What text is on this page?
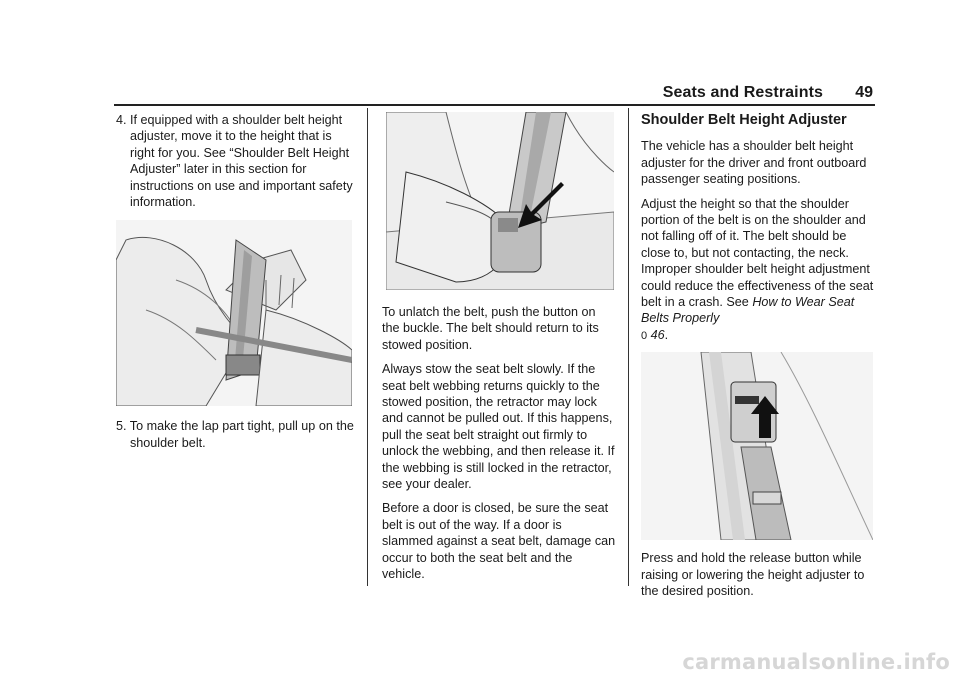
Seats and Restraints 49

4. If equipped with a shoulder belt height adjuster, move it to the height that is right for you. See “Shoulder Belt Height Adjuster” later in this section for instructions on use and important safety information.

5. To make the lap part tight, pull up on the shoulder belt.

To unlatch the belt, push the button on the buckle. The belt should return to its stowed position.

Always stow the seat belt slowly. If the seat belt webbing returns quickly to the stowed position, the retractor may lock and cannot be pulled out. If this happens, pull the seat belt straight out firmly to unlock the webbing, and then release it. If the webbing is still locked in the retractor, see your dealer.

Before a door is closed, be sure the seat belt is out of the way. If a door is slammed against a seat belt, damage can occur to both the seat belt and the vehicle.

Shoulder Belt Height Adjuster

The vehicle has a shoulder belt height adjuster for the driver and front outboard passenger seating positions.

Adjust the height so that the shoulder portion of the belt is on the shoulder and not falling off of it. The belt should be close to, but not contacting, the neck. Improper shoulder belt height adjustment could reduce the effectiveness of the seat belt in a crash. See How to Wear Seat Belts Properly
0 46.

Press and hold the release button while raising or lowering the height adjuster to the desired position.

carmanualsonline.info
